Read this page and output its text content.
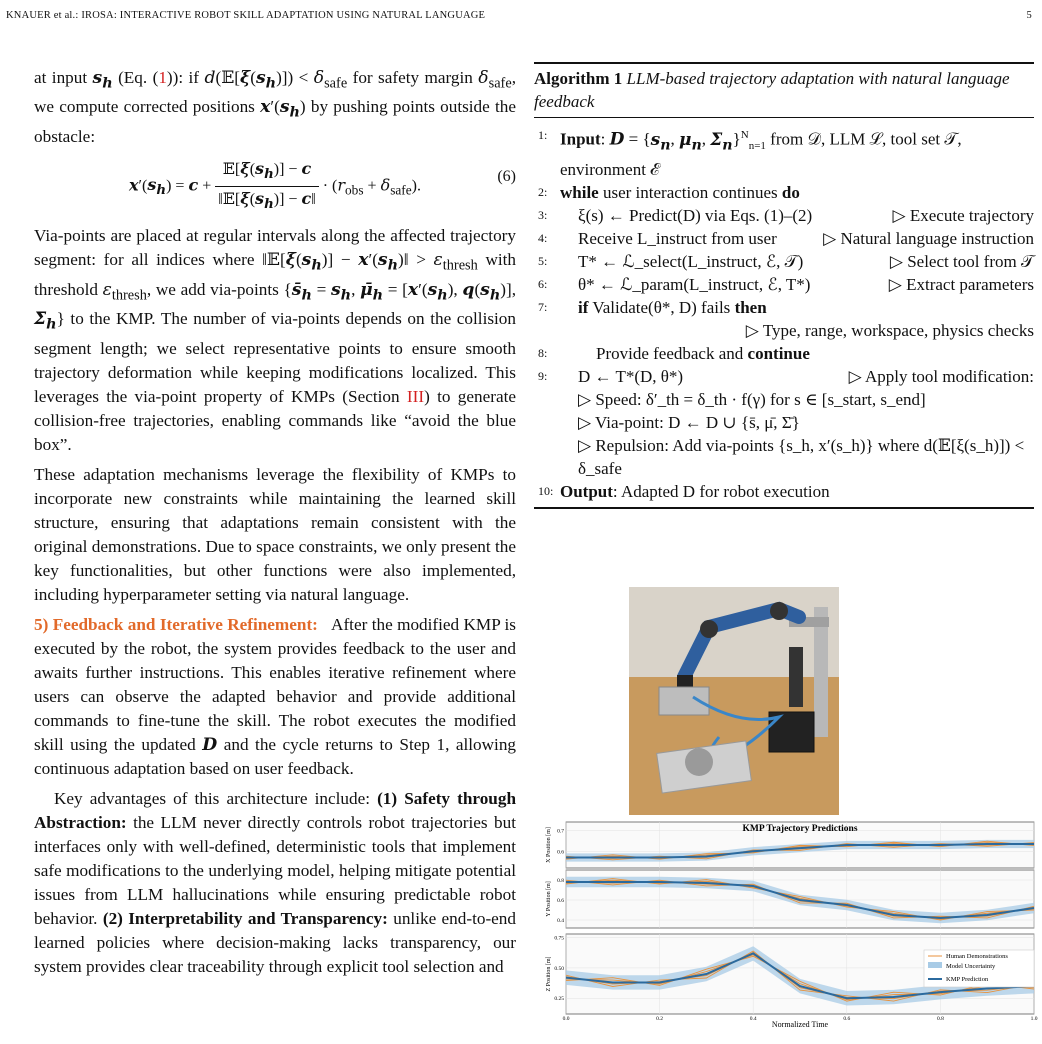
KNAUER et al.: IROSA: INTERACTIVE ROBOT SKILL ADAPTATION USING NATURAL LANGUAGE	5

at input $s_h$ (Eq. (1)): if $d(𝔼[\xi(s_h)]) < \delta_{safe}$ for safety margin $\delta_{safe}$, we compute corrected positions $x'(s_h)$ by pushing points outside the obstacle:

$x'(s_h) = c$ +
$𝔼[\xi(s_h)] - c$
$‖𝔼[\xi(s_h)]$ − c‖
· $(r_{obs} + \delta_{safe})$.
(6)

Via-points are placed at regular intervals along the affected trajectory segment: for all indices where $‖𝔼[\xi(s_h)]$ − $x'(s_h)‖ > \varepsilon_{thresh}$ with threshold $\varepsilon_{thresh}$, we add via-points {$s̄_h = s_h$, $\mū_h = [x'(s_h)$, $q(s_h)$], $\Sigmā_h$} to the KMP. The number of via-points depends on the collision segment length; we select representative points to ensure smooth trajectory deformation while keeping modifications localized. This leverages the via-point property of KMPs (Section III) to generate collision-free trajectories, enabling commands like “avoid the blue box”.

These adaptation mechanisms leverage the flexibility of KMPs to incorporate new constraints while maintaining the learned skill structure, ensuring that adaptations remain consistent with the original demonstrations. Due to space constraints, we only present the key functionalities, but other functions were also implemented, including hyperparameter setting via natural language.

5) Feedback and Iterative Refinement: After the modified KMP is executed by the robot, the system provides feedback to the user and awaits further instructions. This enables iterative refinement where users can observe the adapted behavior and provide additional commands to fine-tune the skill. The robot executes the modified skill using the updated D and the cycle returns to Step 1, allowing continuous adaptation based on user feedback.

Key advantages of this architecture include: (1) Safety through Abstraction: the LLM never directly controls robot trajectories but interfaces only with well-defined, deterministic tools that implement safe modifications to the underlying model, helping mitigate potential issues from LLM hallucinations while ensuring predictable robot behavior. (2) Interpretability and Transparency: unlike end-to-end learned policies where decision-making lacks transparency, our system provides clear traceability through explicit tool selection and

Algorithm 1 LLM-based trajectory adaptation with natural language feedback
1: Input: $D = \{s_n$, $\mu_n$, $\Sigma_n\}^N_{n=1}$ from 𝒟, LLM ℒ, tool set 𝒯, environment ℰ
2: while user interaction continues do
3:	ξ(s) ← Predict(D) via Eqs. (1)–(2)	▷ Execute trajectory
4:	Receive L_instruct from user	▷ Natural language instruction
5:	T* ← ℒ_select(L_instruct, ℰ, 𝒯)	▷ Select tool from 𝒯
6:	θ* ← ℒ_param(L_instruct, ℰ, T*)	▷ Extract parameters
7:	if Validate(θ*, D) fails then
▷ Type, range, workspace, physics checks
8:	Provide feedback and continue
9:	D ← T*(D, θ*)	▷ Apply tool modification:
▷ Speed: δ′_th = δ_th · f(γ) for s ∈ [s_start, s_end]
▷ Via-point: D ← D ∪ {s̄, μ̄, Σ̄}
▷ Repulsion: Add via-points {s_h, x′(s_h)} where d(𝔼[ξ(s_h)]) < δ_safe
10: Output: Adapted D for robot execution
0.6
0.7
X Position [m]
0.4
0.6
0.8
Y Position [m]
0.25
0.50
0.75
Z Position [m]
0.0	0.2	0.4	0.6	0.8	1.0
KMP Trajectory Predictions
Normalized Time
Human Demonstrations
Model Uncertainty
KMP Prediction
